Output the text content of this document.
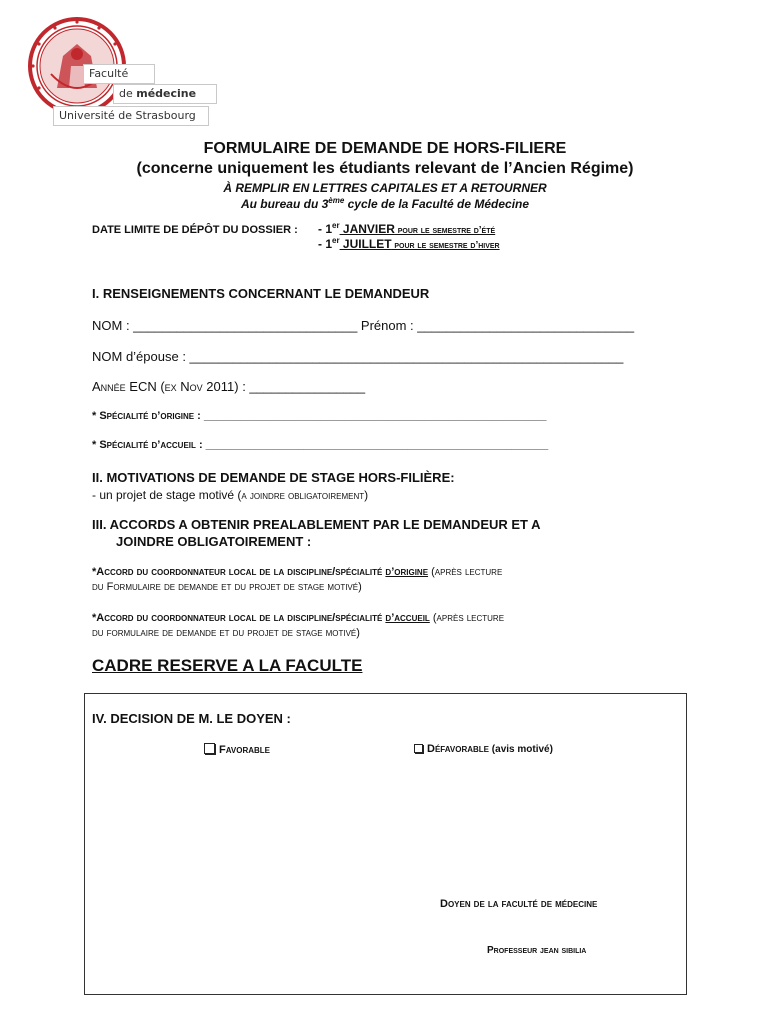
Faculté
de médecine
Université de Strasbourg
FORMULAIRE DE DEMANDE DE HORS-FILIERE
(concerne uniquement les étudiants relevant de l’Ancien Régime)
À REMPLIR EN LETTRES CAPITALES ET A RETOURNER
Au bureau du 3ème cycle de la Faculté de Médecine
DATE LIMITE DE DÉPÔT DU DOSSIER : - 1er JANVIER pour le semestre d’été
- 1er JUILLET pour le semestre d’hiver
I. RENSEIGNEMENTS CONCERNANT LE DEMANDEUR
NOM : _______________________________ Prénom : ______________________________
NOM d’épouse : ____________________________________________________________
Année ECN (ex Nov 2011) : ________________
* Spécialité d’origine : ________________________________________________________
* Spécialité d’accueil : ________________________________________________________
II. MOTIVATIONS DE DEMANDE DE STAGE HORS-FILIÈRE:
- un projet de stage motivé (a joindre obligatoirement)
III. ACCORDS A OBTENIR PREALABLEMENT PAR LE DEMANDEUR ET A
JOINDRE OBLIGATOIREMENT :
*Accord du coordonnateur local de la discipline/spécialité d’origine (après lecture
du Formulaire de demande et du projet de stage motivé)
*Accord du coordonnateur local de la discipline/spécialité d’accueil (après lecture
du formulaire de demande et du projet de stage motivé)
CADRE RESERVE A LA FACULTE
IV. DECISION DE M. LE DOYEN :
Favorable	Défavorable (avis motivé)
Doyen de la faculté de médecine
Professeur jean sibilia
